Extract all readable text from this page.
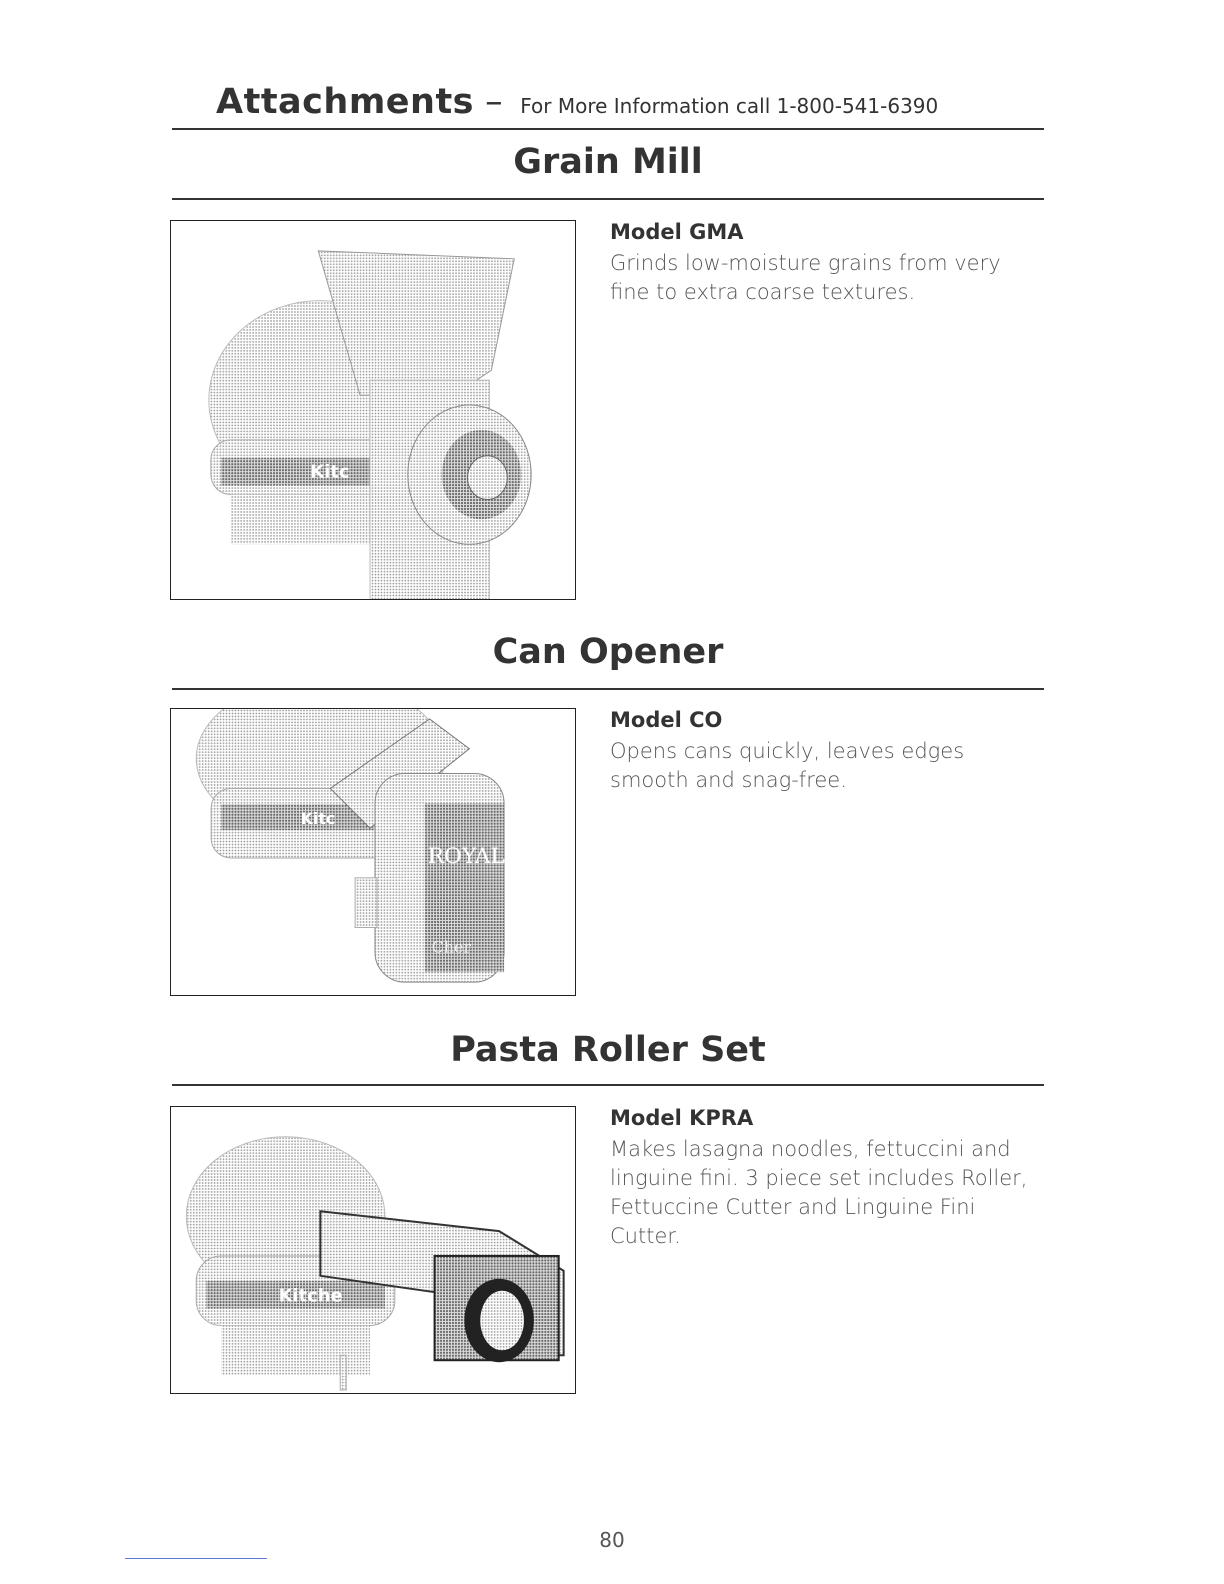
Attachments – For More Information call 1-800-541-6390
Grain Mill
Kitc
Model GMA
Grinds low-moisture grains from very fine to extra coarse textures.
Can Opener
Kitc
ROYAL
Cher
Model CO
Opens cans quickly, leaves edges smooth and snag-free.
Pasta Roller Set
Kitche
Model KPRA
Makes lasagna noodles, fettuccini and linguine fini. 3 piece set includes Roller, Fettuccine Cutter and Linguine Fini Cutter.
80
